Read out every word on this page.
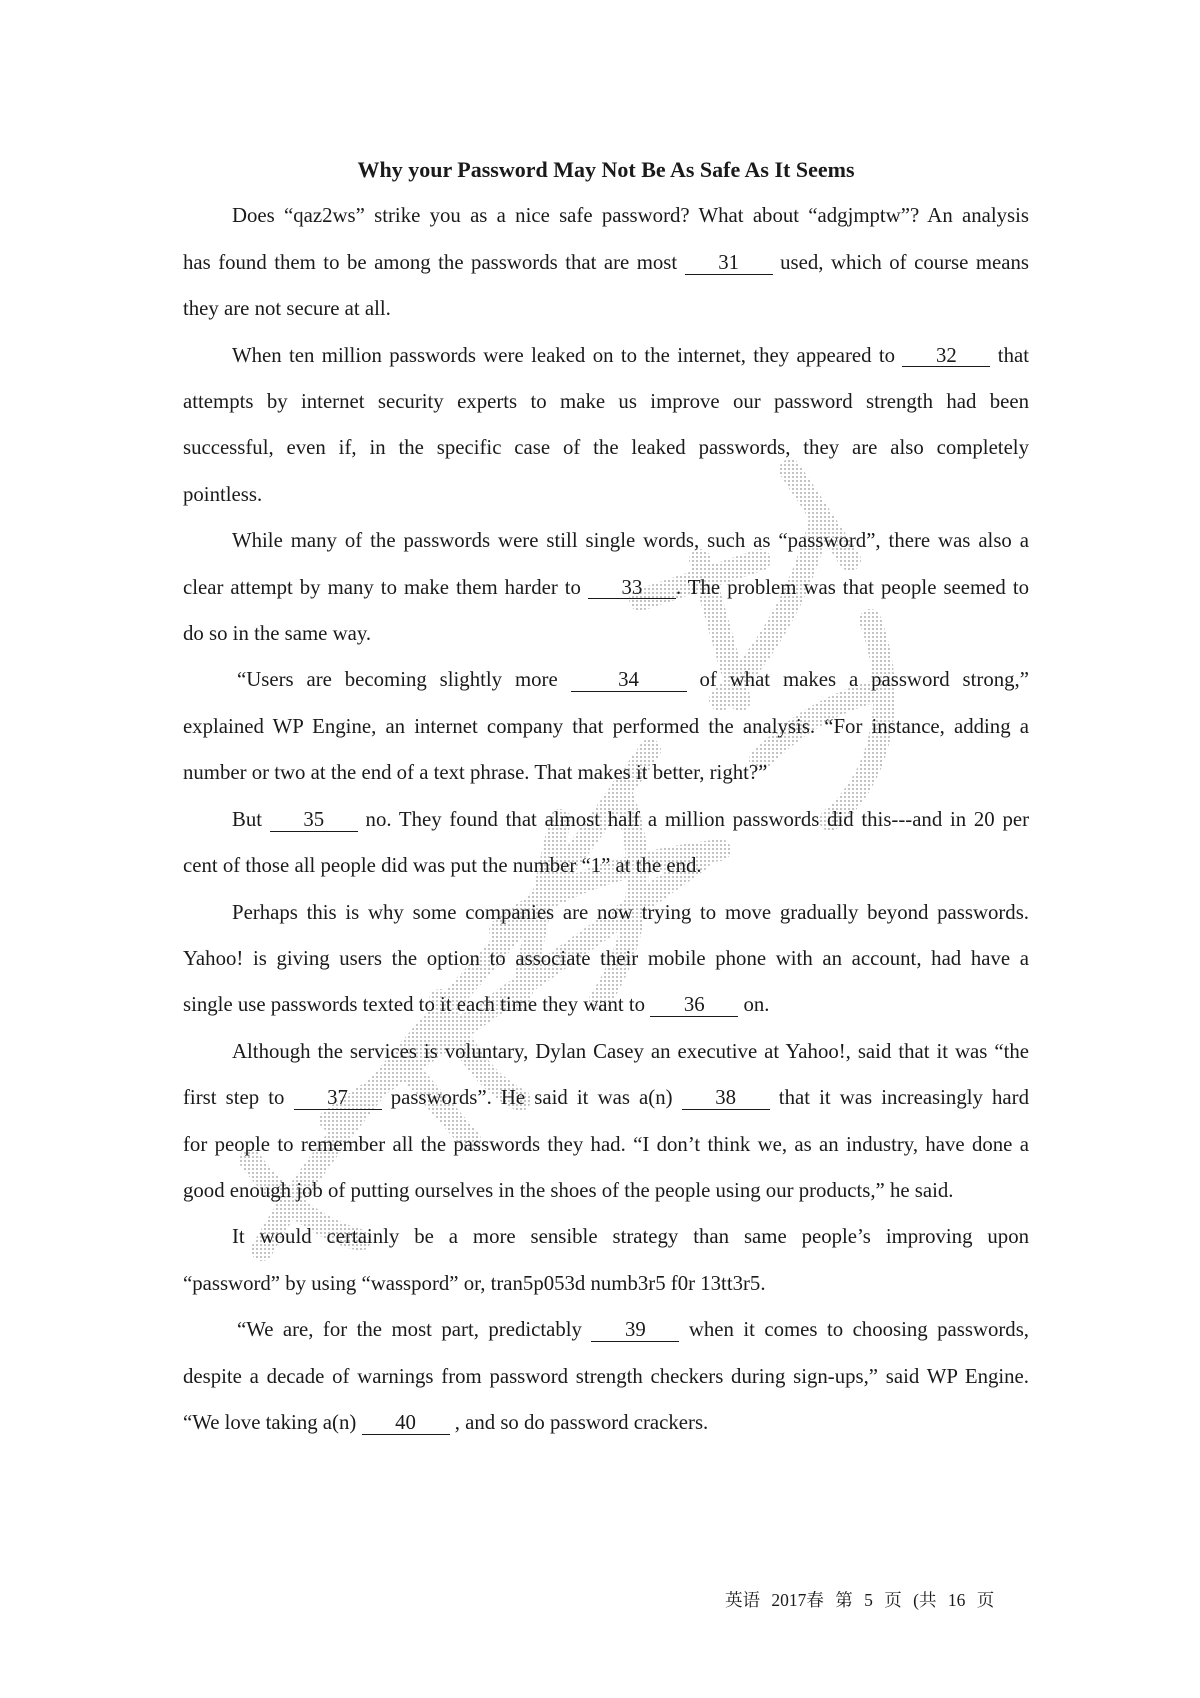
Why your Password May Not Be As Safe As It Seems
Does “qaz2ws” strike you as a nice safe password? What about “adgjmptw”? An analysis
has found them to be among the passwords that are most 31 used, which of course means
they are not secure at all.
When ten million passwords were leaked on to the internet, they appeared to 32 that
attempts by internet security experts to make us improve our password strength had been
successful, even if, in the specific case of the leaked passwords, they are also completely
pointless.
While many of the passwords were still single words, such as “password”, there was also a
clear attempt by many to make them harder to 33 . The problem was that people seemed to
do so in the same way.
“Users are becoming slightly more 34 of what makes a password strong,”
explained WP Engine, an internet company that performed the analysis. “For instance, adding a
number or two at the end of a text phrase. That makes it better, right?”
But 35 no. They found that almost half a million passwords did this---and in 20 per
cent of those all people did was put the number “1” at the end.
Perhaps this is why some companies are now trying to move gradually beyond passwords.
Yahoo! is giving users the option to associate their mobile phone with an account, had have a
single use passwords texted to it each time they want to 36 on.
Although the services is voluntary, Dylan Casey an executive at Yahoo!, said that it was “the
first step to 37 passwords”. He said it was a(n) 38 that it was increasingly hard
for people to remember all the passwords they had. “I don’t think we, as an industry, have done a
good enough job of putting ourselves in the shoes of the people using our products,” he said.
It would certainly be a more sensible strategy than same people’s improving upon
“password” by using “wasspord” or, tran5p053d numb3r5 f0r 13tt3r5.
“We are, for the most part, predictably 39 when it comes to choosing passwords,
despite a decade of warnings from password strength checkers during sign-ups,” said WP Engine.
“We love taking a(n) 40 , and so do password crackers.
英语 2017春 第 5 页 (共 16 页
